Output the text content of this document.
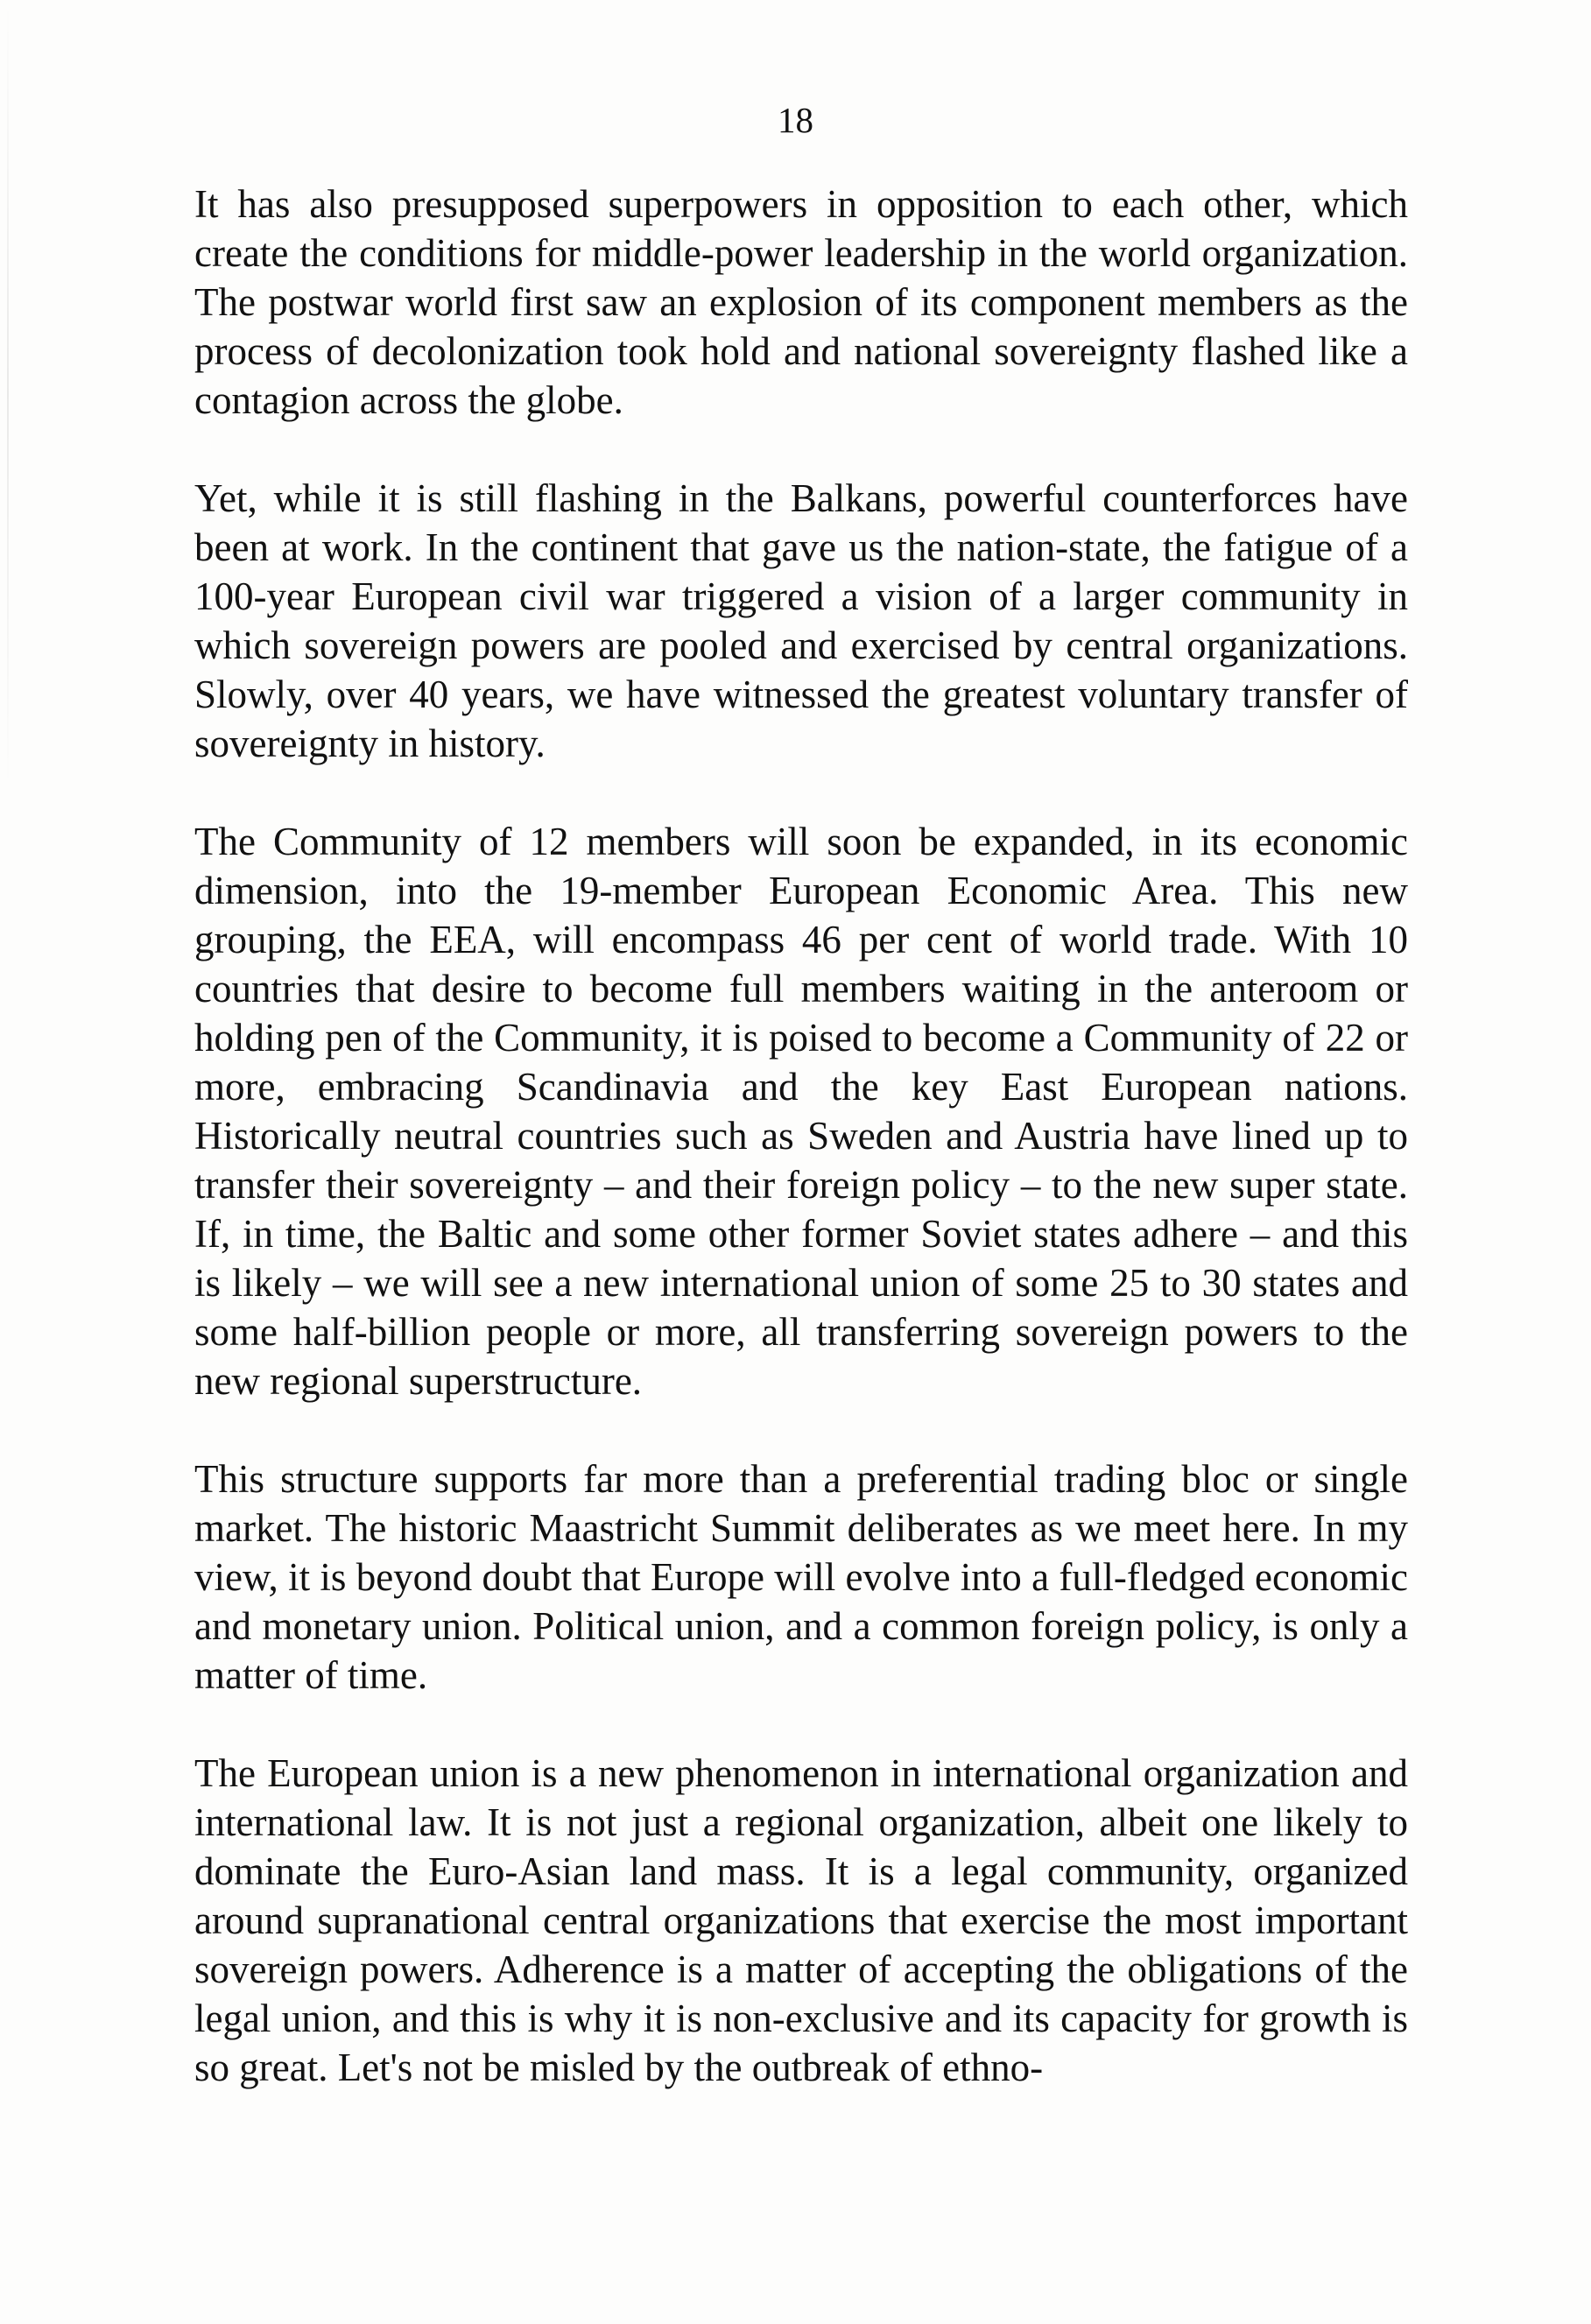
18

It has also presupposed superpowers in opposition to each other, which create the conditions for middle-power leadership in the world organization. The postwar world first saw an explosion of its component members as the process of decolonization took hold and national sovereignty flashed like a contagion across the globe.

Yet, while it is still flashing in the Balkans, powerful counterforces have been at work. In the continent that gave us the nation-state, the fatigue of a 100-year European civil war triggered a vision of a larger community in which sovereign powers are pooled and exercised by central organizations. Slowly, over 40 years, we have witnessed the greatest voluntary transfer of sovereignty in history.

The Community of 12 members will soon be expanded, in its economic dimension, into the 19-member European Economic Area. This new grouping, the EEA, will encompass 46 per cent of world trade. With 10 countries that desire to become full members waiting in the anteroom or holding pen of the Community, it is poised to become a Community of 22 or more, embracing Scandinavia and the key East European nations. Historically neutral countries such as Sweden and Austria have lined up to transfer their sovereignty – and their foreign policy – to the new super state. If, in time, the Baltic and some other former Soviet states adhere – and this is likely – we will see a new international union of some 25 to 30 states and some half-billion people or more, all transferring sovereign powers to the new regional superstructure.

This structure supports far more than a preferential trading bloc or single market. The historic Maastricht Summit deliberates as we meet here. In my view, it is beyond doubt that Europe will evolve into a full-fledged economic and monetary union. Political union, and a common foreign policy, is only a matter of time.

The European union is a new phenomenon in international organization and international law. It is not just a regional organization, albeit one likely to dominate the Euro-Asian land mass. It is a legal community, organized around supranational central organizations that exercise the most important sovereign powers. Adherence is a matter of accepting the obligations of the legal union, and this is why it is non-exclusive and its capacity for growth is so great. Let's not be misled by the outbreak of ethno-
